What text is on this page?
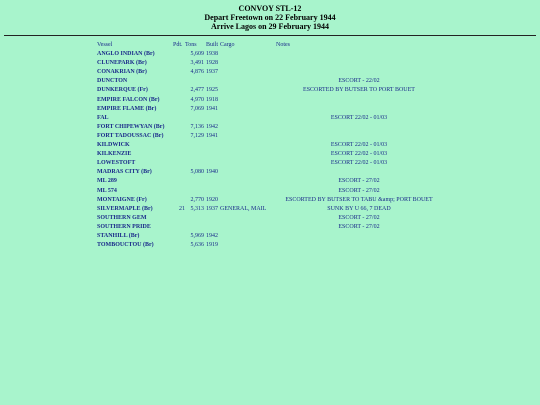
CONVOY STL-12
Depart Freetown on 22 February 1944
Arrive Lagos on 29 February 1944
Vessel	Pdt.	Tons	Built	Cargo	Notes
ANGLO INDIAN (Br)		5,609	1938		
CLUNEPARK (Br)		3,491	1928		
CONAKRIAN (Br)		4,876	1937		
DUNCTON					ESCORT - 22/02
DUNKERQUE (Fr)		2,477	1925		ESCORTED BY BUTSER TO PORT BOUET
EMPIRE FALCON (Br)		4,970	1918		
EMPIRE FLAME (Br)		7,069	1941		
FAL					ESCORT 22/02 - 01/03
FORT CHIPEWYAN (Br)		7,136	1942		
FORT TADOUSSAC (Br)		7,129	1941		
KILDWICK					ESCORT 22/02 - 01/03
KILKENZIE					ESCORT 22/02 - 01/03
LOWESTOFT					ESCORT 22/02 - 01/03
MADRAS CITY (Br)		5,080	1940		
ML 289					ESCORT - 27/02
ML 574					ESCORT - 27/02
MONTAIGNE (Fr)		2,770	1920		ESCORTED BY BUTSER TO TABU &amp; PORT BOUET
SILVERMAPLE (Br)	21	5,313	1937	GENERAL, MAIL	SUNK BY U 66, 7 DEAD
SOUTHERN GEM					ESCORT - 27/02
SOUTHERN PRIDE					ESCORT - 27/02
STANHILL (Br)		5,969	1942		
TOMBOUCTOU (Br)		5,636	1919		
